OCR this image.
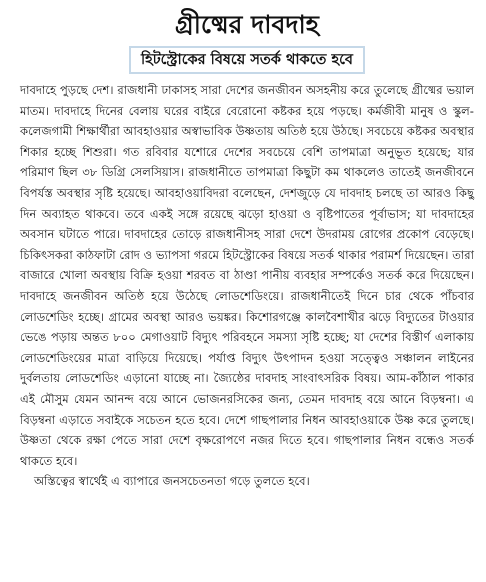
গ্রীষ্মের দাবদাহ
হিটস্ট্রোকের বিষয়ে সতর্ক থাকতে হবে

দাবদাহে পুড়ছে দেশ। রাজধানী ঢাকাসহ সারা দেশের জনজীবন অসহনীয় করে তুলেছে গ্রীষ্মের ভয়াল মাতম। দাবদাহে দিনের বেলায় ঘরের বাইরে বেরোনো কষ্টকর হয়ে পড়ছে। কর্মজীবী মানুষ ও স্কুল-কলেজগামী শিক্ষার্থীরা আবহাওয়ার অস্বাভাবিক উষ্ণতায় অতিষ্ঠ হয়ে উঠছে। সবচেয়ে কষ্টকর অবস্থার শিকার হচ্ছে শিশুরা। গত রবিবার যশোরে দেশের সবচেয়ে বেশি তাপমাত্রা অনুভূত হয়েছে; যার পরিমাণ ছিল ৩৮ ডিগ্রি সেলসিয়াস। রাজধানীতে তাপমাত্রা কিছুটা কম থাকলেও তাতেই জনজীবনে বিপর্যস্ত অবস্থার সৃষ্টি হয়েছে। আবহাওয়াবিদরা বলেছেন, দেশজুড়ে যে দাবদাহ চলছে তা আরও কিছু দিন অব্যাহত থাকবে। তবে একই সঙ্গে রয়েছে ঝড়ো হাওয়া ও বৃষ্টিপাতের পূর্বাভাস; যা দাবদাহের অবসান ঘটাতে পারে। দাবদাহের তোড়ে রাজধানীসহ সারা দেশে উদরাময় রোগের প্রকোপ বেড়েছে। চিকিৎসকরা কাঠফাটা রোদ ও ভ্যাপসা গরমে হিটস্ট্রোকের বিষয়ে সতর্ক থাকার পরামর্শ দিয়েছেন। তারা বাজারে খোলা অবস্থায় বিক্রি হওয়া শরবত বা ঠাণ্ডা পানীয় ব্যবহার সম্পর্কেও সতর্ক করে দিয়েছেন। দাবদাহে জনজীবন অতিষ্ঠ হয়ে উঠেছে লোডশেডিংয়ে। রাজধানীতেই দিনে চার থেকে পাঁচবার লোডশেডিং হচ্ছে। গ্রামের অবস্থা আরও ভয়ঙ্কর। কিশোরগঞ্জে কালবৈশাখীর ঝড়ে বিদ্যুতের টাওয়ার ভেঙে পড়ায় অন্তত ৮০০ মেগাওয়াট বিদ্যুৎ পরিবহনে সমস্যা সৃষ্টি হচ্ছে; যা দেশের বিস্তীর্ণ এলাকায় লোডশেডিংয়ের মাত্রা বাড়িয়ে দিয়েছে। পর্যাপ্ত বিদ্যুৎ উৎপাদন হওয়া সত্ত্বেও সঞ্চালন লাইনের দুর্বলতায় লোডশেডিং এড়ানো যাচ্ছে না। জ্যৈষ্ঠের দাবদাহ সাংবাৎসরিক বিষয়। আম-কাঁঠাল পাকার এই মৌসুম যেমন আনন্দ বয়ে আনে ভোজনরসিকের জন্য, তেমন দাবদাহ বয়ে আনে বিড়ম্বনা। এ বিড়ম্বনা এড়াতে সবাইকে সচেতন হতে হবে। দেশে গাছপালার নিধন আবহাওয়াকে উষ্ণ করে তুলছে। উষ্ণতা থেকে রক্ষা পেতে সারা দেশে বৃক্ষরোপণে নজর দিতে হবে। গাছপালার নিধন বন্ধেও সতর্ক থাকতে হবে।

অস্তিত্বের স্বার্থেই এ ব্যাপারে জনসচেতনতা গড়ে তুলতে হবে।
